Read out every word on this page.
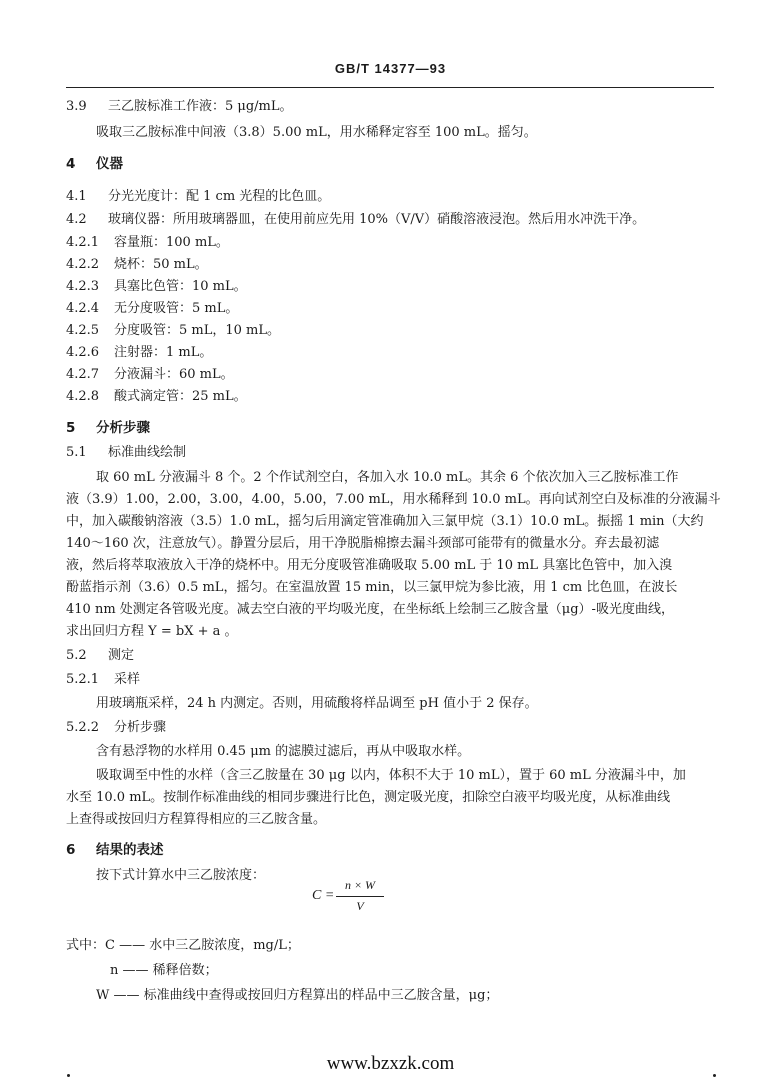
GB/T 14377—93
3.9 三乙胺标准工作液：5 μg/mL。
吸取三乙胺标准中间液（3.8）5.00 mL，用水稀释定容至 100 mL。摇匀。
4 仪器
4.1 分光光度计：配 1 cm 光程的比色皿。
4.2 玻璃仪器：所用玻璃器皿，在使用前应先用 10%（V/V）硝酸溶液浸泡。然后用水冲洗干净。
4.2.1 容量瓶：100 mL。
4.2.2 烧杯：50 mL。
4.2.3 具塞比色管：10 mL。
4.2.4 无分度吸管：5 mL。
4.2.5 分度吸管：5 mL，10 mL。
4.2.6 注射器：1 mL。
4.2.7 分液漏斗：60 mL。
4.2.8 酸式滴定管：25 mL。
5 分析步骤
5.1 标准曲线绘制
取 60 mL 分液漏斗 8 个。2 个作试剂空白，各加入水 10.0 mL。其余 6 个依次加入三乙胺标准工作
液（3.9）1.00，2.00，3.00，4.00，5.00，7.00 mL，用水稀释到 10.0 mL。再向试剂空白及标准的分液漏斗
中，加入碳酸钠溶液（3.5）1.0 mL，摇匀后用滴定管准确加入三氯甲烷（3.1）10.0 mL。振摇 1 min（大约
140～160 次，注意放气）。静置分层后，用干净脱脂棉擦去漏斗颈部可能带有的微量水分。弃去最初滤
液，然后将萃取液放入干净的烧杯中。用无分度吸管准确吸取 5.00 mL 于 10 mL 具塞比色管中，加入溴
酚蓝指示剂（3.6）0.5 mL，摇匀。在室温放置 15 min，以三氯甲烷为参比液，用 1 cm 比色皿，在波长
410 nm 处测定各管吸光度。减去空白液的平均吸光度，在坐标纸上绘制三乙胺含量（μg）-吸光度曲线，
求出回归方程 Y = bX + a 。
5.2 测定
5.2.1 采样
用玻璃瓶采样，24 h 内测定。否则，用硫酸将样品调至 pH 值小于 2 保存。
5.2.2 分析步骤
含有悬浮物的水样用 0.45 μm 的滤膜过滤后，再从中吸取水样。
吸取调至中性的水样（含三乙胺量在 30 μg 以内，体积不大于 10 mL），置于 60 mL 分液漏斗中，加
水至 10.0 mL。按制作标准曲线的相同步骤进行比色，测定吸光度，扣除空白液平均吸光度，从标准曲线
上查得或按回归方程算得相应的三乙胺含量。
6 结果的表述
按下式计算水中三乙胺浓度：
C =
n × W
V
式中：C —— 水中三乙胺浓度，mg/L；
n —— 稀释倍数；
W —— 标准曲线中查得或按回归方程算出的样品中三乙胺含量，μg；
www.bzxzk.com
